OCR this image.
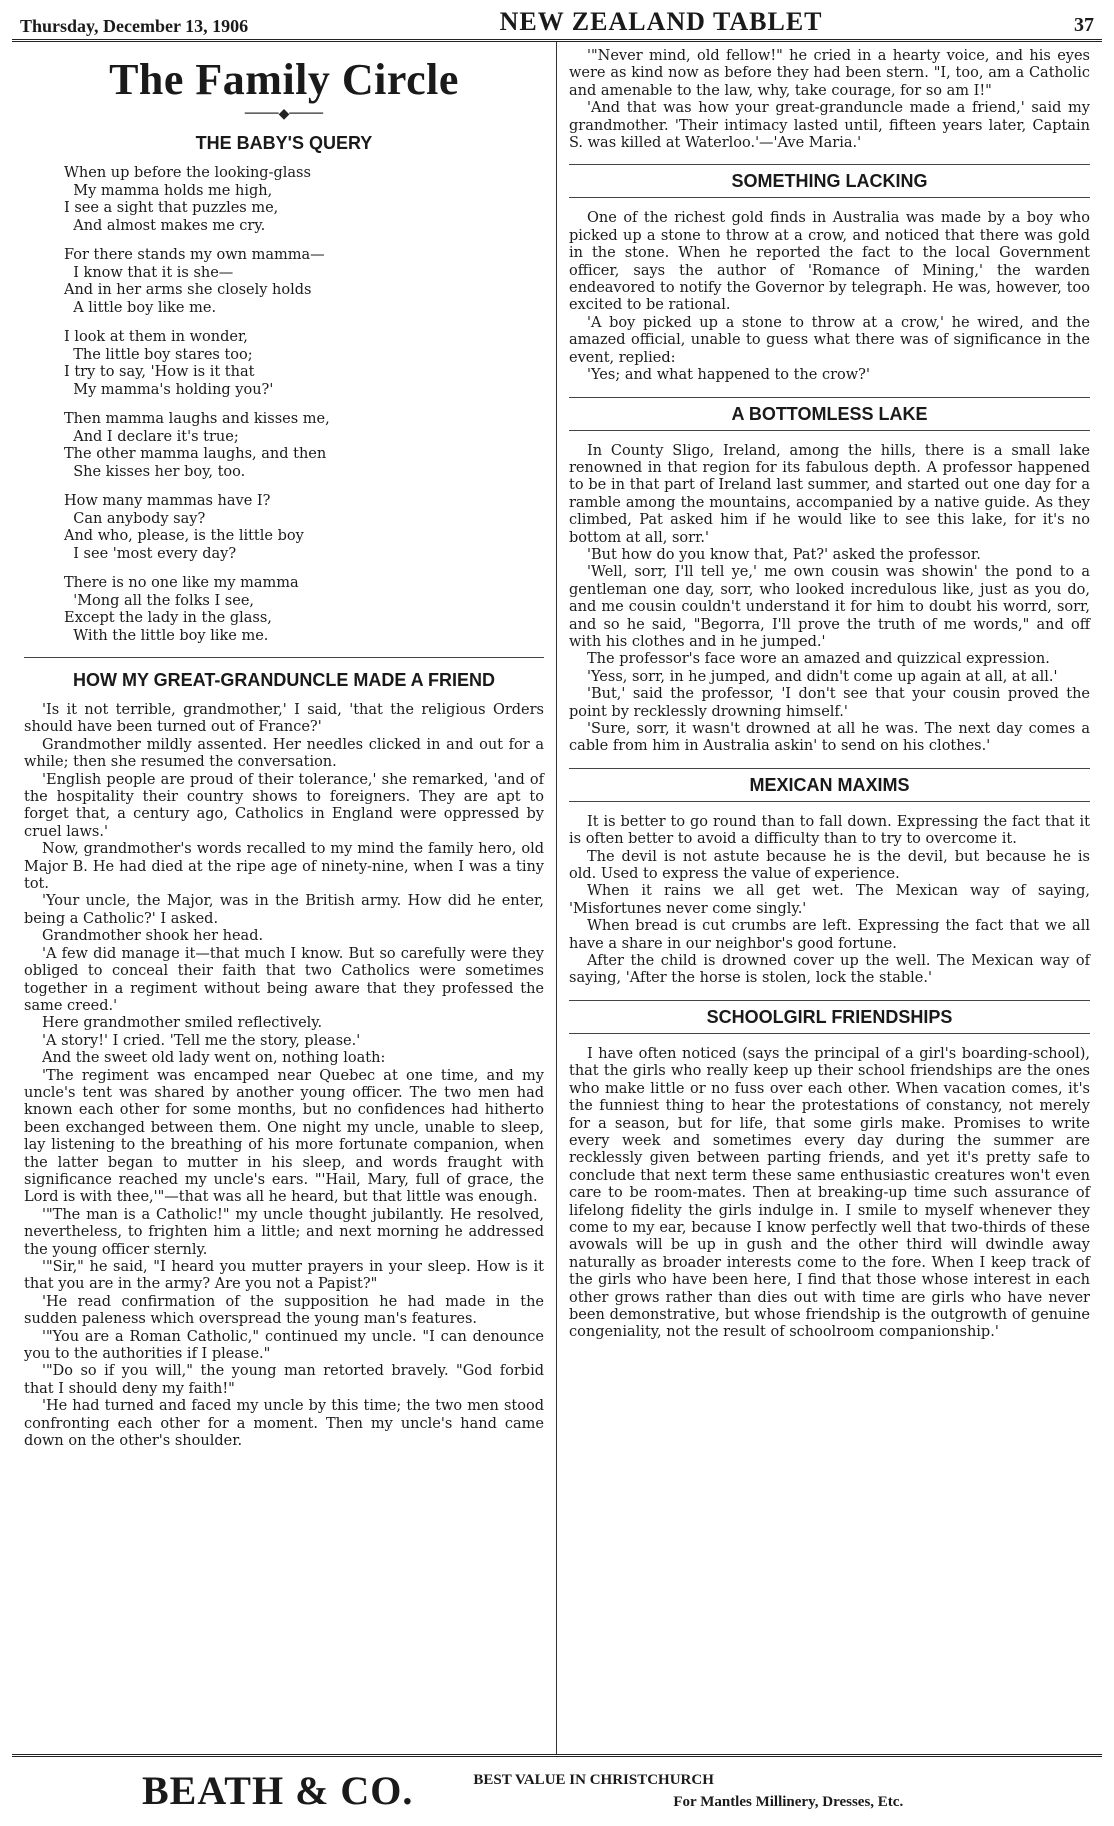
Thursday, December 13, 1906	NEW ZEALAND TABLET	37
The Family Circle
────◆────
THE BABY'S QUERY
When up before the looking-glass
My mamma holds me high,
I see a sight that puzzles me,
And almost makes me cry.
For there stands my own mamma—
I know that it is she—
And in her arms she closely holds
A little boy like me.
I look at them in wonder,
The little boy stares too;
I try to say, 'How is it that
My mamma's holding you?'
Then mamma laughs and kisses me,
And I declare it's true;
The other mamma laughs, and then
She kisses her boy, too.
How many mammas have I?
Can anybody say?
And who, please, is the little boy
I see 'most every day?
There is no one like my mamma
'Mong all the folks I see,
Except the lady in the glass,
With the little boy like me.
HOW MY GREAT-GRANDUNCLE MADE A FRIEND

'Is it not terrible, grandmother,' I said, 'that the religious Orders should have been turned out of France?'

Grandmother mildly assented. Her needles clicked in and out for a while; then she resumed the conversation.

'English people are proud of their tolerance,' she remarked, 'and of the hospitality their country shows to foreigners. They are apt to forget that, a century ago, Catholics in England were oppressed by cruel laws.'

Now, grandmother's words recalled to my mind the family hero, old Major B. He had died at the ripe age of ninety-nine, when I was a tiny tot.

'Your uncle, the Major, was in the British army. How did he enter, being a Catholic?' I asked.

Grandmother shook her head.

'A few did manage it—that much I know. But so carefully were they obliged to conceal their faith that two Catholics were sometimes together in a regiment without being aware that they professed the same creed.'

Here grandmother smiled reflectively.

'A story!' I cried. 'Tell me the story, please.'

And the sweet old lady went on, nothing loath:

'The regiment was encamped near Quebec at one time, and my uncle's tent was shared by another young officer. The two men had known each other for some months, but no confidences had hitherto been exchanged between them. One night my uncle, unable to sleep, lay listening to the breathing of his more fortunate companion, when the latter began to mutter in his sleep, and words fraught with significance reached my uncle's ears. "'Hail, Mary, full of grace, the Lord is with thee,'"—that was all he heard, but that little was enough.

'"The man is a Catholic!" my uncle thought jubilantly. He resolved, nevertheless, to frighten him a little; and next morning he addressed the young officer sternly.

'"Sir," he said, "I heard you mutter prayers in your sleep. How is it that you are in the army? Are you not a Papist?"

'He read confirmation of the supposition he had made in the sudden paleness which overspread the young man's features.

'"You are a Roman Catholic," continued my uncle. "I can denounce you to the authorities if I please."

'"Do so if you will," the young man retorted bravely. "God forbid that I should deny my faith!"

'He had turned and faced my uncle by this time; the two men stood confronting each other for a moment. Then my uncle's hand came down on the other's shoulder.

'"Never mind, old fellow!" he cried in a hearty voice, and his eyes were as kind now as before they had been stern. "I, too, am a Catholic and amenable to the law, why, take courage, for so am I!"

'And that was how your great-granduncle made a friend,' said my grandmother. 'Their intimacy lasted until, fifteen years later, Captain S. was killed at Waterloo.'—'Ave Maria.'

SOMETHING LACKING

One of the richest gold finds in Australia was made by a boy who picked up a stone to throw at a crow, and noticed that there was gold in the stone. When he reported the fact to the local Government officer, says the author of 'Romance of Mining,' the warden endeavored to notify the Governor by telegraph. He was, however, too excited to be rational.

'A boy picked up a stone to throw at a crow,' he wired, and the amazed official, unable to guess what there was of significance in the event, replied:

'Yes; and what happened to the crow?'

A BOTTOMLESS LAKE

In County Sligo, Ireland, among the hills, there is a small lake renowned in that region for its fabulous depth. A professor happened to be in that part of Ireland last summer, and started out one day for a ramble among the mountains, accompanied by a native guide. As they climbed, Pat asked him if he would like to see this lake, for it's no bottom at all, sorr.'

'But how do you know that, Pat?' asked the professor.

'Well, sorr, I'll tell ye,' me own cousin was showin' the pond to a gentleman one day, sorr, who looked incredulous like, just as you do, and me cousin couldn't understand it for him to doubt his worrd, sorr, and so he said, "Begorra, I'll prove the truth of me words," and off with his clothes and in he jumped.'

The professor's face wore an amazed and quizzical expression.

'Yess, sorr, in he jumped, and didn't come up again at all, at all.'

'But,' said the professor, 'I don't see that your cousin proved the point by recklessly drowning himself.'

'Sure, sorr, it wasn't drowned at all he was. The next day comes a cable from him in Australia askin' to send on his clothes.'

MEXICAN MAXIMS

It is better to go round than to fall down. Expressing the fact that it is often better to avoid a difficulty than to try to overcome it.

The devil is not astute because he is the devil, but because he is old. Used to express the value of experience.

When it rains we all get wet. The Mexican way of saying, 'Misfortunes never come singly.'

When bread is cut crumbs are left. Expressing the fact that we all have a share in our neighbor's good fortune.

After the child is drowned cover up the well. The Mexican way of saying, 'After the horse is stolen, lock the stable.'

SCHOOLGIRL FRIENDSHIPS

I have often noticed (says the principal of a girl's boarding-school), that the girls who really keep up their school friendships are the ones who make little or no fuss over each other. When vacation comes, it's the funniest thing to hear the protestations of constancy, not merely for a season, but for life, that some girls make. Promises to write every week and sometimes every day during the summer are recklessly given between parting friends, and yet it's pretty safe to conclude that next term these same enthusiastic creatures won't even care to be room-mates. Then at breaking-up time such assurance of lifelong fidelity the girls indulge in. I smile to myself whenever they come to my ear, because I know perfectly well that two-thirds of these avowals will be up in gush and the other third will dwindle away naturally as broader interests come to the fore. When I keep track of the girls who have been here, I find that those whose interest in each other grows rather than dies out with time are girls who have never been demonstrative, but whose friendship is the outgrowth of genuine congeniality, not the result of schoolroom companionship.'

BEATH & CO.	BEST VALUE IN CHRISTCHURCH
For Mantles Millinery, Dresses, Etc.
